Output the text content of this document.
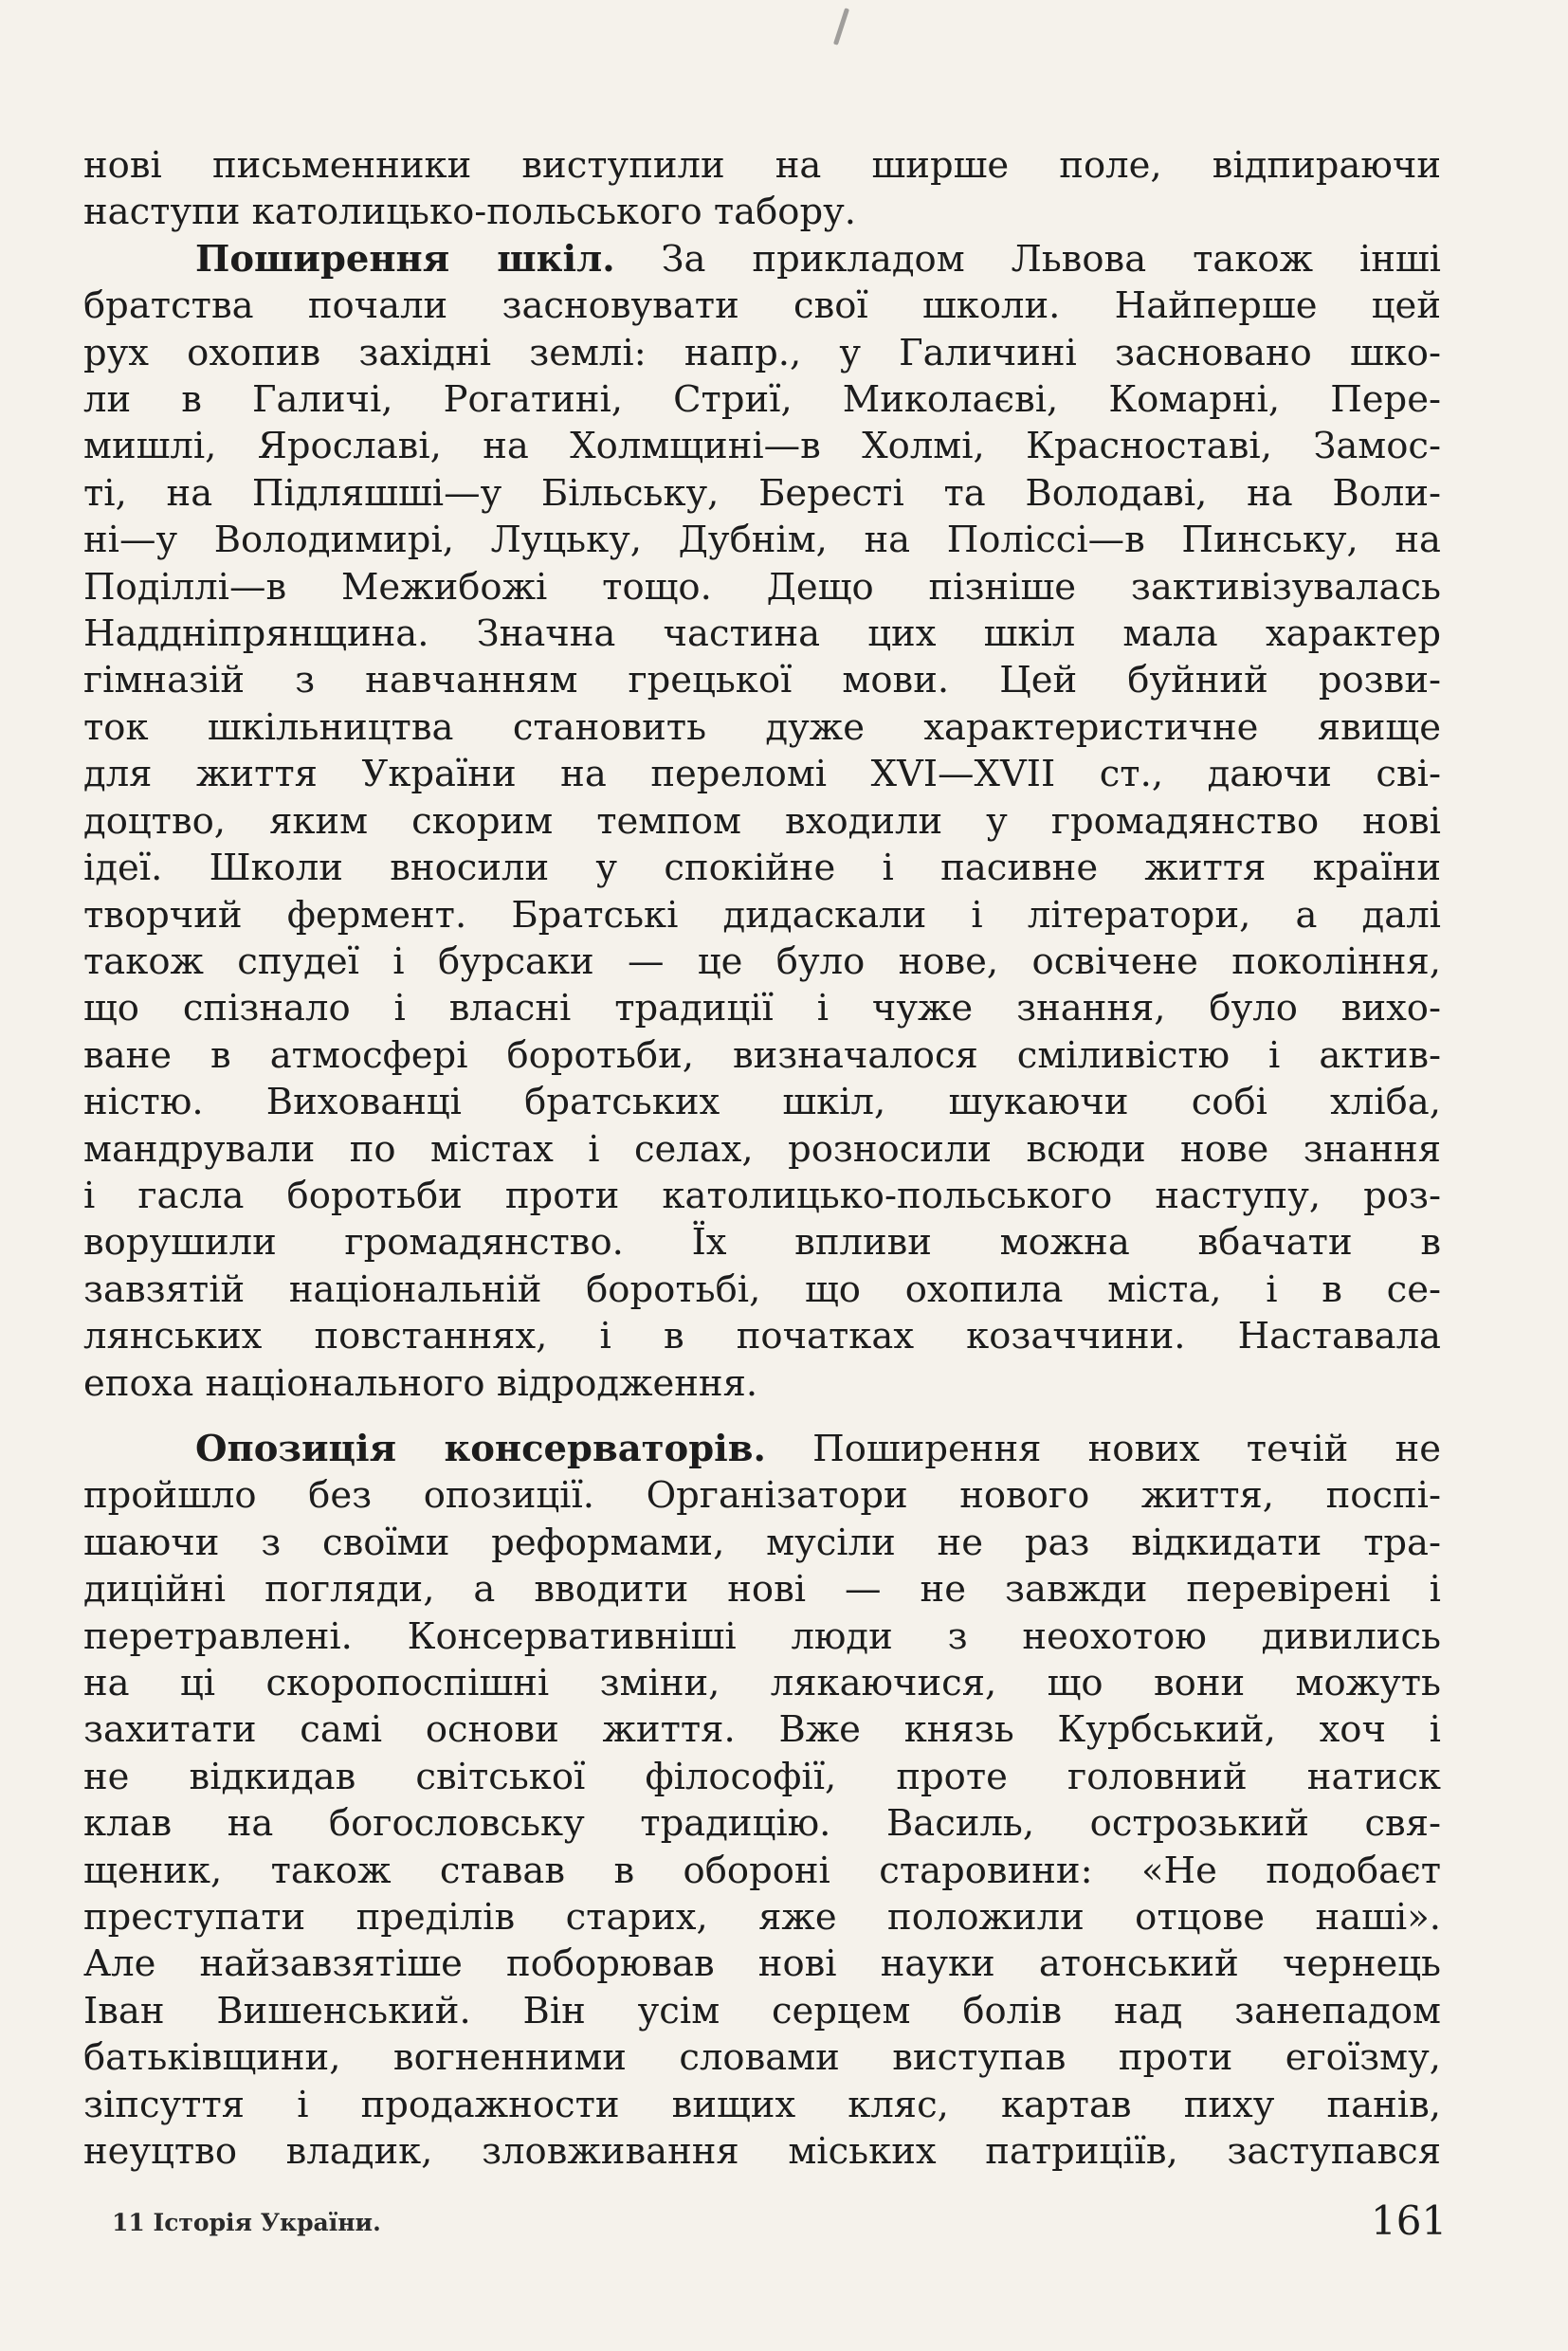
нові письменники виступили на ширше поле, відпираючи
наступи католицько-польського табору.
Поширення шкіл. За прикладом Львова також інші
братства почали засновувати свої школи. Найперше цей
рух охопив західні землі: напр., у Галичині засновано шко-
ли в Галичі, Рогатині, Стриї, Миколаєві, Комарні, Пере-
мишлі, Ярославі, на Холмщині—в Холмі, Красноставі, Замос-
ті, на Підляшші—у Більську, Бересті та Володаві, на Воли-
ні—у Володимирі, Луцьку, Дубнім, на Поліссі—в Пинську, на
Поділлі—в Межибожі тощо. Дещо пізніше зактивізувалась
Наддніпрянщина. Значна частина цих шкіл мала характер
гімназій з навчанням грецької мови. Цей буйний розви-
ток шкільництва становить дуже характеристичне явище
для життя України на переломі XVI—XVII ст., даючи сві-
доцтво, яким скорим темпом входили у громадянство нові
ідеї. Школи вносили у спокійне і пасивне життя країни
творчий фермент. Братські дидаскали і літератори, а далі
також спудеї і бурсаки — це було нове, освічене покоління,
що спізнало і власні традиції і чуже знання, було вихо-
ване в атмосфері боротьби, визначалося сміливістю і актив-
ністю. Вихованці братських шкіл, шукаючи собі хліба,
мандрували по містах і селах, розносили всюди нове знання
і гасла боротьби проти католицько-польського наступу, роз-
ворушили громадянство. Їх впливи можна вбачати в
завзятій національній боротьбі, що охопила міста, і в се-
лянських повстаннях, і в початках козаччини. Наставала
епоха національного відродження.
Опозиція консерваторів. Поширення нових течій не
пройшло без опозиції. Організатори нового життя, поспі-
шаючи з своїми реформами, мусіли не раз відкидати тра-
диційні погляди, а вводити нові — не завжди перевірені і
перетравлені. Консервативніші люди з неохотою дивились
на ці скоропоспішні зміни, лякаючися, що вони можуть
захитати самі основи життя. Вже князь Курбський, хоч і
не відкидав світської філософії, проте головний натиск
клав на богословську традицію. Василь, острозький свя-
щеник, також ставав в обороні старовини: «Не подобаєт
преступати преділів старих, яже положили отцове наші».
Але найзавзятіше поборював нові науки атонський чернець
Іван Вишенський. Він усім серцем болів над занепадом
батьківщини, вогненними словами виступав проти егоїзму,
зіпсуття і продажности вищих кляс, картав пиху панів,
неуцтво владик, зловживання міських патриціїв, заступався
11 Історія України.	161
